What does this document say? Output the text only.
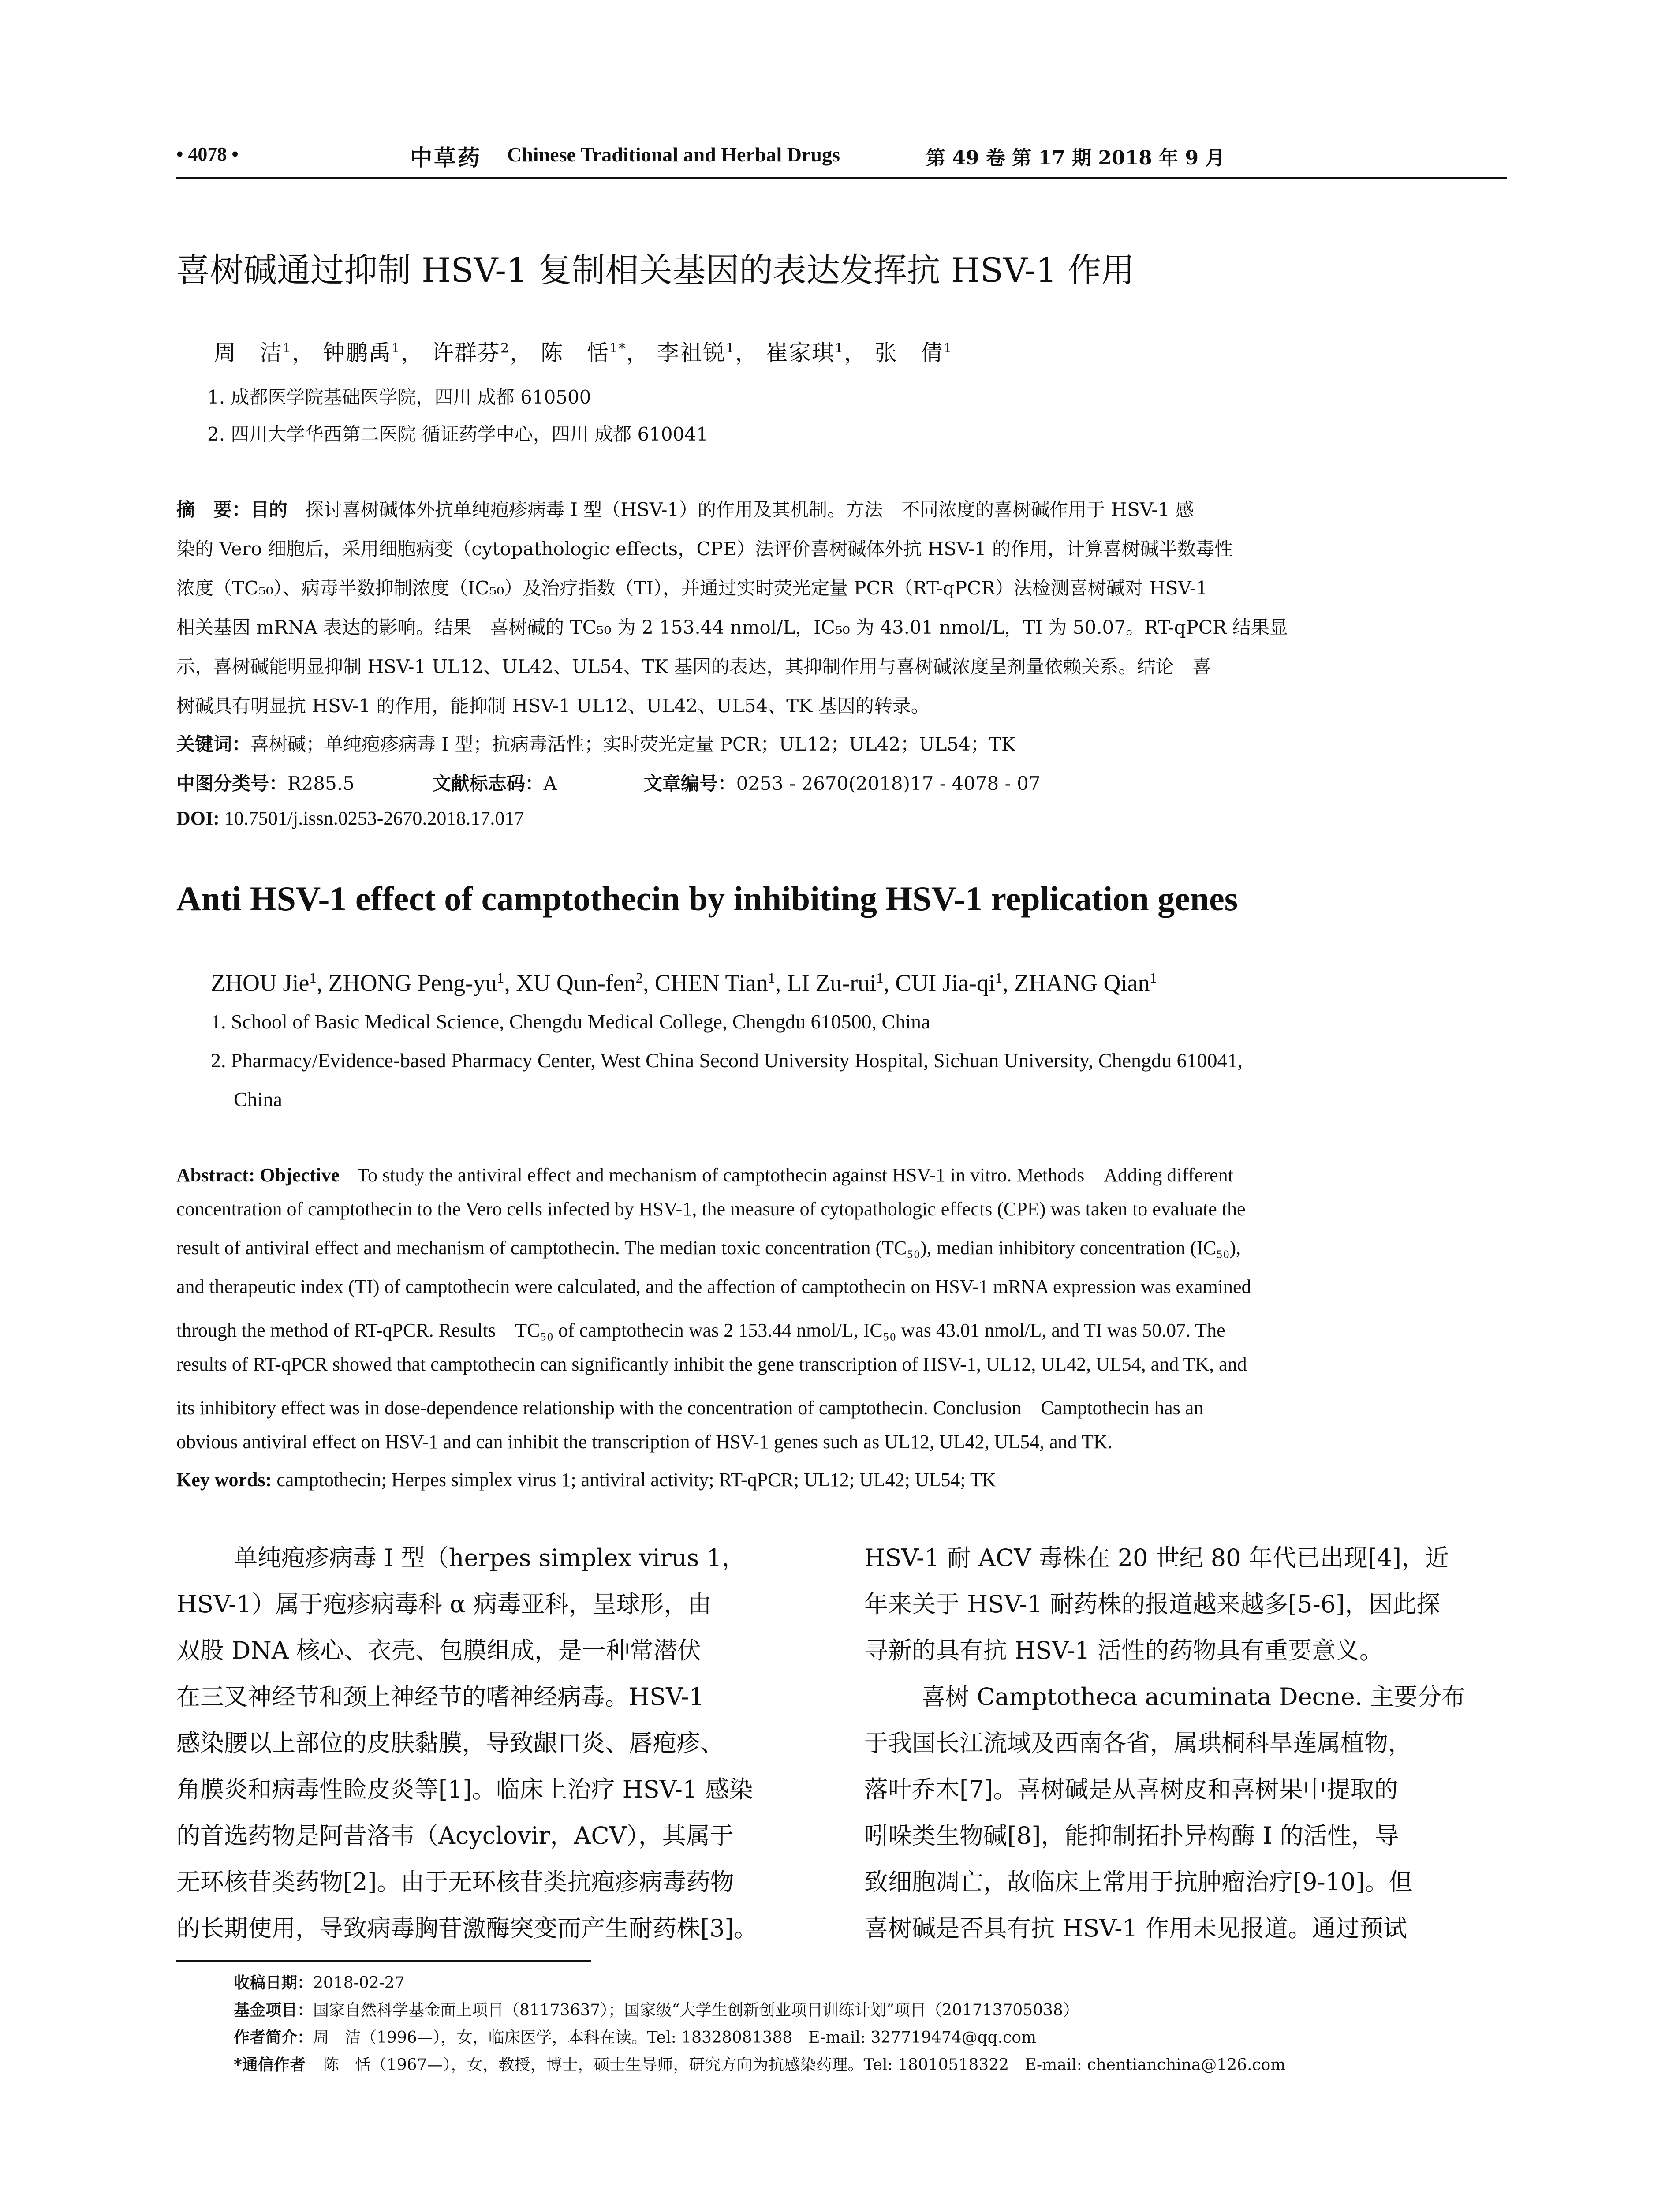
• 4078 •	中草药 Chinese Traditional and Herbal Drugs	第 49 卷 第 17 期 2018 年 9 月
喜树碱通过抑制 HSV-1 复制相关基因的表达发挥抗 HSV-1 作用
周　洁$^1$， 钟鹏禹$^1$， 许群芬$^2$， 陈　恬$^{1*}$， 李祖锐$^1$， 崔家琪$^1$， 张　倩$^1$
1. 成都医学院基础医学院，四川 成都 610500
2. 四川大学华西第二医院 循证药学中心，四川 成都 610041
摘　要：目的 探讨喜树碱体外抗单纯疱疹病毒 I 型（HSV-1）的作用及其机制。方法　不同浓度的喜树碱作用于 HSV-1 感
染的 Vero 细胞后，采用细胞病变（cytopathologic effects，CPE）法评价喜树碱体外抗 HSV-1 的作用，计算喜树碱半数毒性
浓度（TC₅₀）、病毒半数抑制浓度（IC₅₀）及治疗指数（TI），并通过实时荧光定量 PCR（RT-qPCR）法检测喜树碱对 HSV-1
相关基因 mRNA 表达的影响。结果　喜树碱的 TC₅₀ 为 2 153.44 nmol/L，IC₅₀ 为 43.01 nmol/L，TI 为 50.07。RT-qPCR 结果显
示，喜树碱能明显抑制 HSV-1 UL12、UL42、UL54、TK 基因的表达，其抑制作用与喜树碱浓度呈剂量依赖关系。结论　喜
树碱具有明显抗 HSV-1 的作用，能抑制 HSV-1 UL12、UL42、UL54、TK 基因的转录。
关键词：喜树碱；单纯疱疹病毒 I 型；抗病毒活性；实时荧光定量 PCR；UL12；UL42；UL54；TK
中图分类号：R285.5	文献标志码：A	文章编号：0253 - 2670(2018)17 - 4078 - 07
DOI: 10.7501/j.issn.0253-2670.2018.17.017
Anti HSV-1 effect of camptothecin by inhibiting HSV-1 replication genes
ZHOU Jie$^1$, ZHONG Peng-$yu^1$, XU Qun-fen$^2$, CHEN Tian$^1$, LI Zu-rui$^1$, CUI Jia-$qi^1$, ZHANG Qian$^1$
1. School of Basic Medical Science, Chengdu Medical College, Chengdu 610500, China
2. Pharmacy/Evidence-based Pharmacy Center, West China Second University Hospital, Sichuan University, Chengdu 610041,
China
Abstract: Objective To study the antiviral effect and mechanism of camptothecin against HSV-1 in vitro. Methods　Adding different
concentration of camptothecin to the Vero cells infected by HSV-1, the measure of cytopathologic effects (CPE) was taken to evaluate the
result of antiviral effect and mechanism of camptothecin. The median toxic concentration (TC₅₀), median inhibitory concentration (IC₅₀),
and therapeutic index (TI) of camptothecin were calculated, and the affection of camptothecin on HSV-1 mRNA expression was examined
through the method of RT-qPCR. Results　TC₅₀ of camptothecin was 2 153.44 nmol/L, IC₅₀ was 43.01 nmol/L, and TI was 50.07. The
results of RT-qPCR showed that camptothecin can significantly inhibit the gene transcription of HSV-1, UL12, UL42, UL54, and TK, and
its inhibitory effect was in dose-dependence relationship with the concentration of camptothecin. Conclusion　Camptothecin has an
obvious antiviral effect on HSV-1 and can inhibit the transcription of HSV-1 genes such as UL12, UL42, UL54, and TK.
Key words: camptothecin; Herpes simplex virus 1; antiviral activity; RT-qPCR; UL12; UL42; UL54; TK
单纯疱疹病毒 I 型（herpes simplex virus 1，
HSV-1）属于疱疹病毒科 α 病毒亚科，呈球形，由
双股 DNA 核心、衣壳、包膜组成，是一种常潜伏
在三叉神经节和颈上神经节的嗜神经病毒。HSV-1
感染腰以上部位的皮肤黏膜，导致龈口炎、唇疱疹、
角膜炎和病毒性睑皮炎等[1]。临床上治疗 HSV-1 感染
的首选药物是阿昔洛韦（Acyclovir，ACV），其属于
无环核苷类药物[2]。由于无环核苷类抗疱疹病毒药物
的长期使用，导致病毒胸苷激酶突变而产生耐药株[3]。
HSV-1 耐 ACV 毒株在 20 世纪 80 年代已出现[4]，近
年来关于 HSV-1 耐药株的报道越来越多[5-6]，因此探
寻新的具有抗 HSV-1 活性的药物具有重要意义。
喜树 Camptotheca acuminata Decne. 主要分布
于我国长江流域及西南各省，属珙桐科旱莲属植物，
落叶乔木[7]。喜树碱是从喜树皮和喜树果中提取的
吲哚类生物碱[8]，能抑制拓扑异构酶 I 的活性，导
致细胞凋亡，故临床上常用于抗肿瘤治疗[9-10]。但
喜树碱是否具有抗 HSV-1 作用未见报道。通过预试
收稿日期：2018-02-27
基金项目：国家自然科学基金面上项目（81173637）；国家级“大学生创新创业项目训练计划”项目（201713705038）
作者简介：周　洁（1996—），女，临床医学，本科在读。Tel: 18328081388　E-mail: 327719474@qq.com
*通信作者 陈　恬（1967—），女，教授，博士，硕士生导师，研究方向为抗感染药理。Tel: 18010518322　E-mail: chentianchina@126.com
